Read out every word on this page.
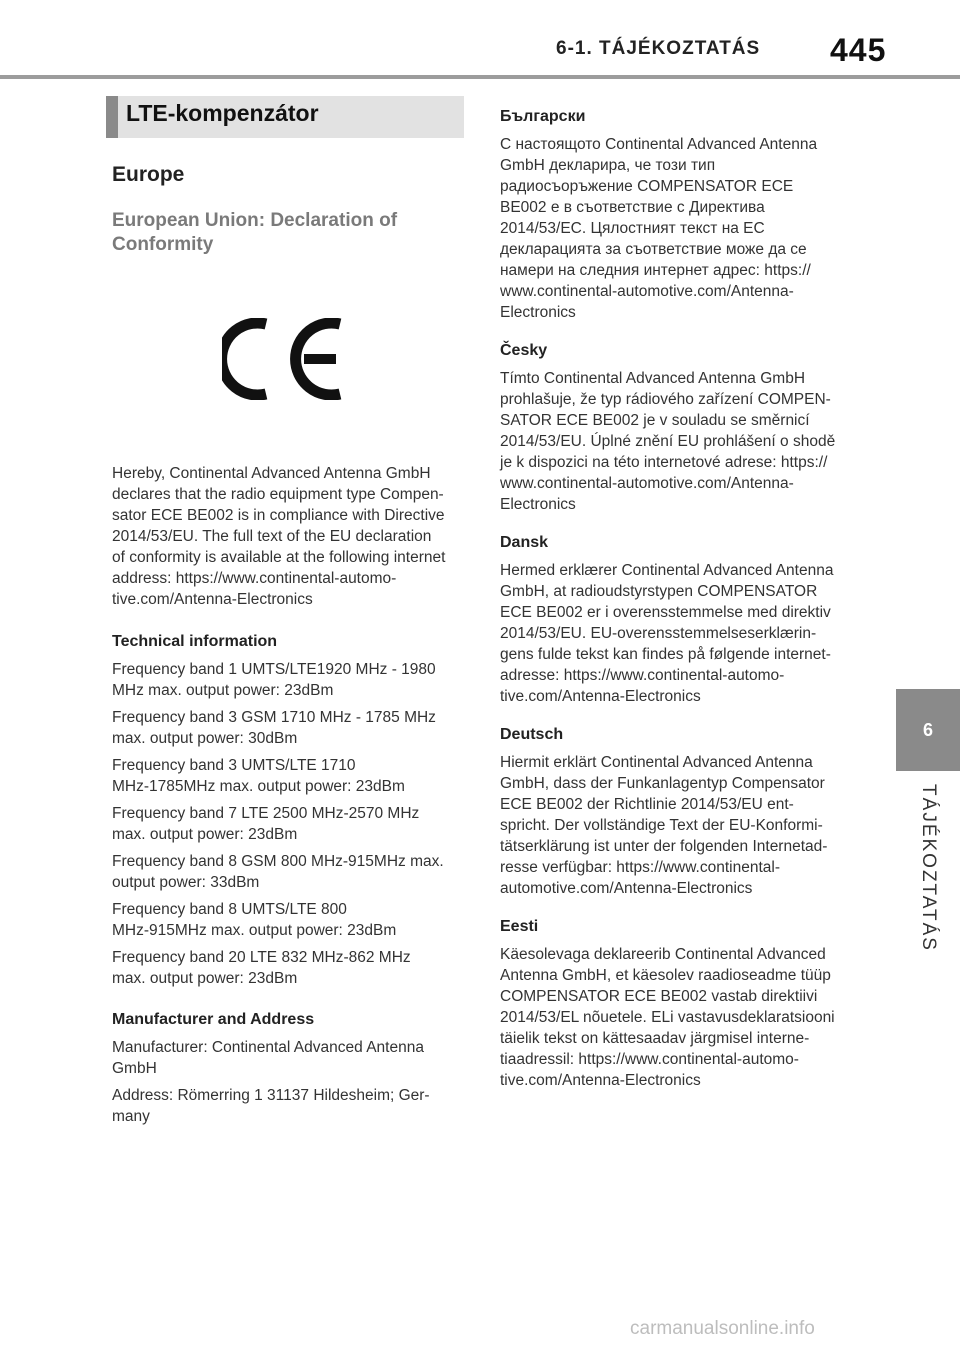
6-1. TÁJÉKOZTATÁS 445
LTE-kompenzátor
Europe
European Union: Declaration of Conformity

Hereby, Continental Advanced Antenna GmbH

declares that the radio equipment type Compen-

sator ECE BE002 is in compliance with Directive

2014/53/EU. The full text of the EU declaration

of conformity is available at the following internet

address: https://www.continental-automo-

tive.com/Antenna-Electronics

Technical information

Frequency band 1 UMTS/LTE1920 MHz - 1980

MHz max. output power: 23dBm

Frequency band 3 GSM 1710 MHz - 1785 MHz

max. output power: 30dBm

Frequency band 3 UMTS/LTE 1710

MHz-1785MHz max. output power: 23dBm

Frequency band 7 LTE 2500 MHz-2570 MHz

max. output power: 23dBm

Frequency band 8 GSM 800 MHz-915MHz max.

output power: 33dBm

Frequency band 8 UMTS/LTE 800

MHz-915MHz max. output power: 23dBm

Frequency band 20 LTE 832 MHz-862 MHz

max. output power: 23dBm

Manufacturer and Address

Manufacturer: Continental Advanced Antenna

GmbH

Address: Römerring 1 31137 Hildesheim; Ger-

many

Български

С настоящото Continental Advanced Antenna

GmbH декларира, че този тип

радиосъоръжение COMPENSATOR ECE

BE002 е в съответствие с Директива

2014/53/ЕС. Цялостният текст на ЕС

декларацията за съответствие може да се

намери на следния интернет адрес: https://

www.continental-automotive.com/Antenna-

Electronics

Česky

Tímto Continental Advanced Antenna GmbH

prohlašuje, že typ rádiového zařízení COMPEN-

SATOR ECE BE002 je v souladu se směrnicí

2014/53/EU. Úplné znění EU prohlášení o shodě

je k dispozici na této internetové adrese: https://

www.continental-automotive.com/Antenna-

Electronics

Dansk

Hermed erklærer Continental Advanced Antenna

GmbH, at radioudstyrstypen COMPENSATOR

ECE BE002 er i overensstemmelse med direktiv

2014/53/EU. EU-overensstemmelseserklærin-

gens fulde tekst kan findes på følgende internet-

adresse: https://www.continental-automo-

tive.com/Antenna-Electronics

Deutsch

Hiermit erklärt Continental Advanced Antenna

GmbH, dass der Funkanlagentyp Compensator

ECE BE002 der Richtlinie 2014/53/EU ent-

spricht. Der vollständige Text der EU-Konformi-

tätserklärung ist unter der folgenden Internetad-

resse verfügbar: https://www.continental-

automotive.com/Antenna-Electronics

Eesti

Käesolevaga deklareerib Continental Advanced

Antenna GmbH, et käesolev raadioseadme tüüp

COMPENSATOR ECE BE002 vastab direktiivi

2014/53/EL nõuetele. ELi vastavusdeklaratsiooni

täielik tekst on kättesaadav järgmisel interne-

tiaadressil: https://www.continental-automo-

tive.com/Antenna-Electronics

6
TÁJÉKOZTATÁS
carmanualsonline.info
